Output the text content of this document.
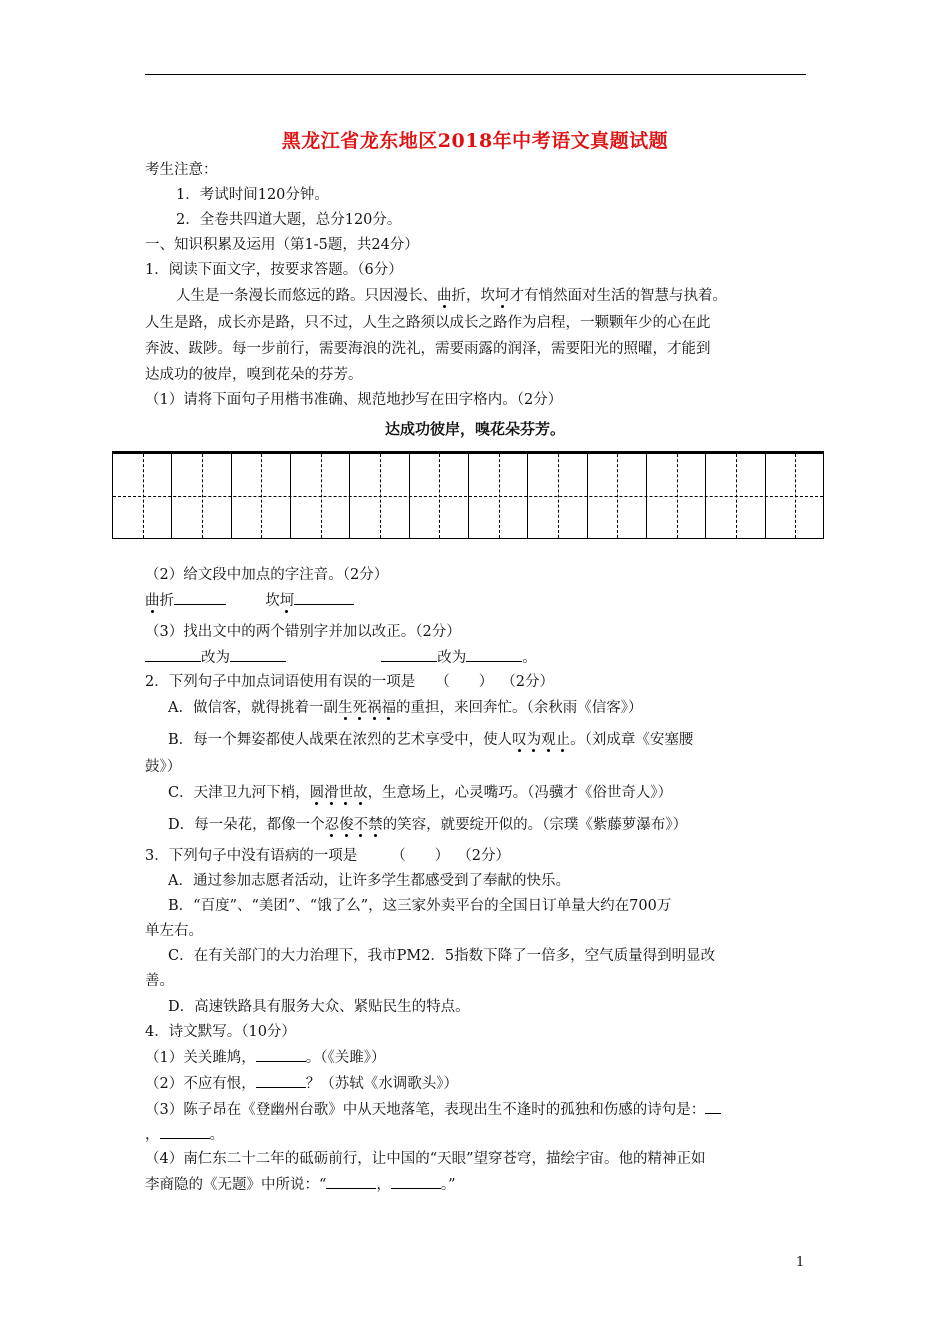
黑龙江省龙东地区2018年中考语文真题试题
考生注意：
1．考试时间120分钟。
2．全卷共四道大题，总分120分。
一、知识积累及运用（第1-5题，共24分）
1．阅读下面文字，按要求答题。（6分）
人生是一条漫长而悠远的路。只因漫长、曲折，坎坷才有悄然面对生活的智慧与执着。
人生是路，成长亦是路，只不过，人生之路须以成长之路作为启程，一颗颗年少的心在此
奔波、跋陟。每一步前行，需要海浪的洗礼，需要雨露的润泽，需要阳光的照曜，才能到
达成功的彼岸，嗅到花朵的芬芳。
（1）请将下面句子用楷书准确、规范地抄写在田字格内。（2分）
达成功彼岸，嗅花朵芬芳。
（2）给文段中加点的字注音。（2分）
曲折	坎坷
（3）找出文中的两个错别字并加以改正。（2分）
改为	改为	。
2．下列句子中加点词语使用有误的一项是 （　　） （2分）
A．做信客，就得挑着一副生死祸福的重担，来回奔忙。（余秋雨《信客》）
B．每一个舞姿都使人战栗在浓烈的艺术享受中，使人叹为观止。（刘成章《安塞腰
鼓》）
C．天津卫九河下梢，圆滑世故，生意场上，心灵嘴巧。（冯骥才《俗世奇人》）
D．每一朵花，都像一个忍俊不禁的笑容，就要绽开似的。（宗璞《紫藤萝瀑布》）
3．下列句子中没有语病的一项是 （　　） （2分）
A．通过参加志愿者活动，让许多学生都感受到了奉献的快乐。
B．“百度”、“美团”、“饿了么”，这三家外卖平台的全国日订单量大约在700万
单左右。
C．在有关部门的大力治理下，我市PM2．5指数下降了一倍多，空气质量得到明显改
善。
D．高速铁路具有服务大众、紧贴民生的特点。
4．诗文默写。（10分）
（1）关关雎鸠，	。（《关雎》）
（2）不应有恨，	？（苏轼《水调歌头》）
（3）陈子昂在《登幽州台歌》中从天地落笔，表现出生不逢时的孤独和伤感的诗句是：
，	。
（4）南仁东二十二年的砥砺前行，让中国的“天眼”望穿苍穹，描绘宇宙。他的精神正如
李商隐的《无题》中所说：“	，	。”
1
